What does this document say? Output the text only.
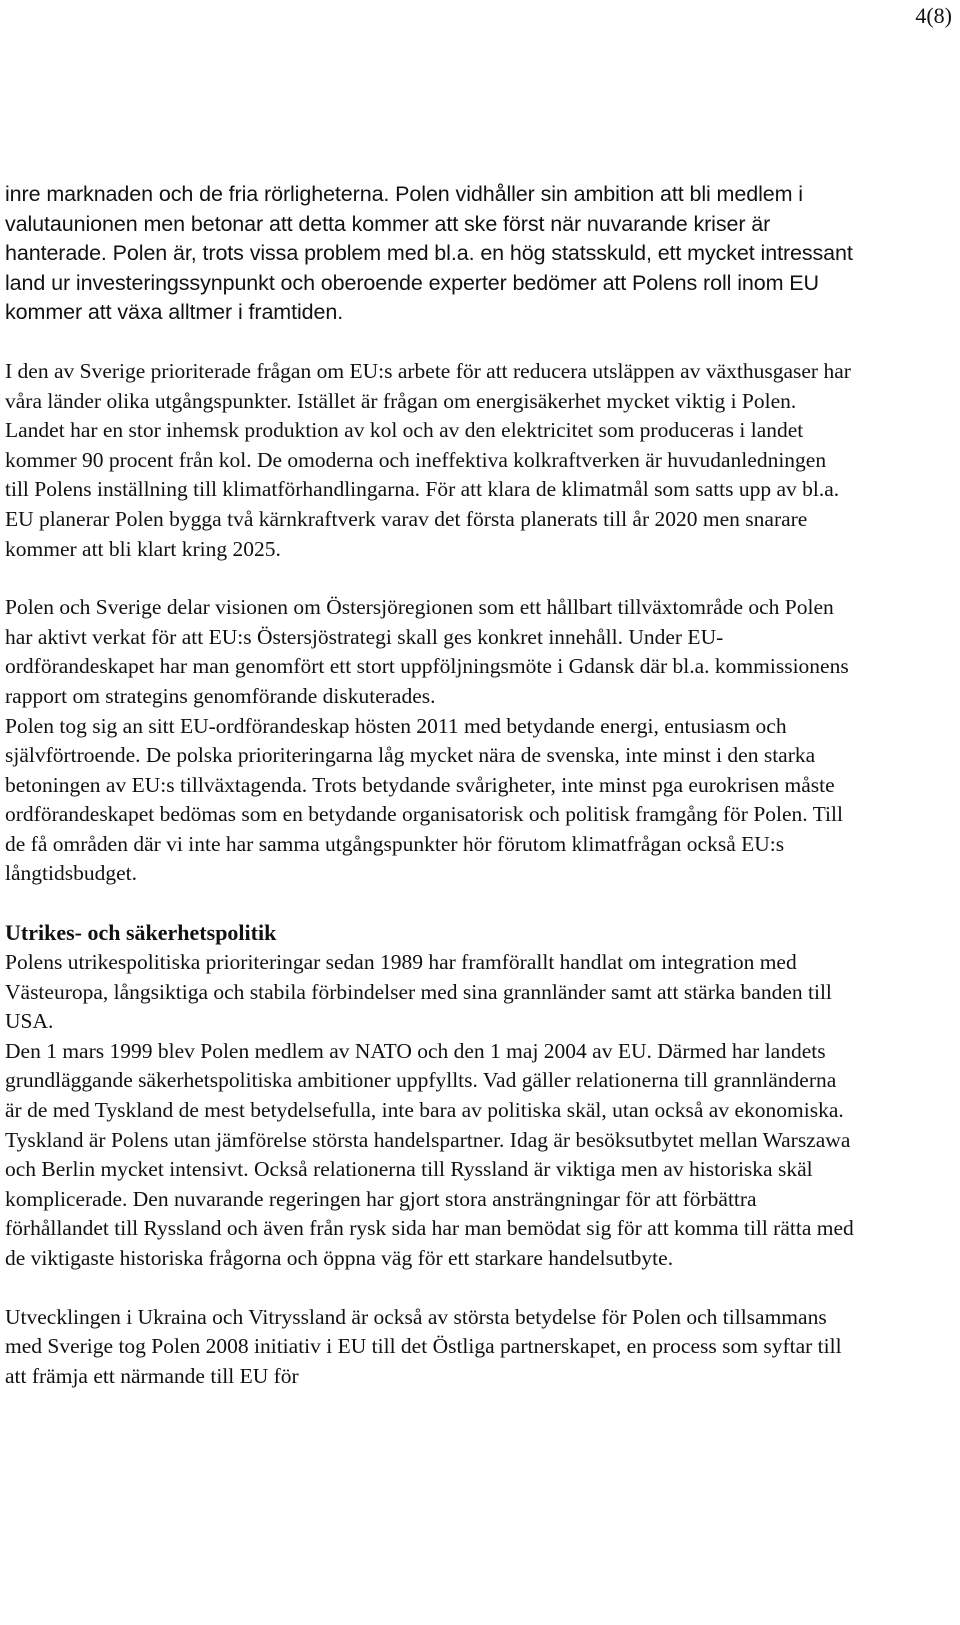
4(8)

inre marknaden och de fria rörligheterna. Polen vidhåller sin ambition att bli medlem i valutaunionen men betonar att detta kommer att ske först när nuvarande kriser är hanterade. Polen är, trots vissa problem med bl.a. en hög statsskuld, ett mycket intressant land ur investeringssynpunkt och oberoende experter bedömer att Polens roll inom EU kommer att växa alltmer i framtiden.

I den av Sverige prioriterade frågan om EU:s arbete för att reducera utsläppen av växthusgaser har våra länder olika utgångspunkter. Istället är frågan om energisäkerhet mycket viktig i Polen. Landet har en stor inhemsk produktion av kol och av den elektricitet som produceras i landet kommer 90 procent från kol. De omoderna och ineffektiva kolkraftverken är huvudanledningen till Polens inställning till klimatförhandlingarna. För att klara de klimatmål som satts upp av bl.a. EU planerar Polen bygga två kärnkraftverk varav det första planerats till år 2020 men snarare kommer att bli klart kring 2025.

Polen och Sverige delar visionen om Östersjöregionen som ett hållbart tillväxtområde och Polen har aktivt verkat för att EU:s Östersjöstrategi skall ges konkret innehåll. Under EU-ordförandeskapet har man genomfört ett stort uppföljningsmöte i Gdansk där bl.a. kommissionens rapport om strategins genomförande diskuterades.

Polen tog sig an sitt EU-ordförandeskap hösten 2011 med betydande energi, entusiasm och självförtroende. De polska prioriteringarna låg mycket nära de svenska, inte minst i den starka betoningen av EU:s tillväxtagenda. Trots betydande svårigheter, inte minst pga eurokrisen måste ordförandeskapet bedömas som en betydande organisatorisk och politisk framgång för Polen. Till de få områden där vi inte har samma utgångspunkter hör förutom klimatfrågan också EU:s långtidsbudget.

Utrikes- och säkerhetspolitik

Polens utrikespolitiska prioriteringar sedan 1989 har framförallt handlat om integration med Västeuropa, långsiktiga och stabila förbindelser med sina grannländer samt att stärka banden till USA.

Den 1 mars 1999 blev Polen medlem av NATO och den 1 maj 2004 av EU. Därmed har landets grundläggande säkerhetspolitiska ambitioner uppfyllts. Vad gäller relationerna till grannländerna är de med Tyskland de mest betydelsefulla, inte bara av politiska skäl, utan också av ekonomiska. Tyskland är Polens utan jämförelse största handelspartner. Idag är besöksutbytet mellan Warszawa och Berlin mycket intensivt. Också relationerna till Ryssland är viktiga men av historiska skäl komplicerade. Den nuvarande regeringen har gjort stora ansträngningar för att förbättra förhållandet till Ryssland och även från rysk sida har man bemödat sig för att komma till rätta med de viktigaste historiska frågorna och öppna väg för ett starkare handelsutbyte.

Utvecklingen i Ukraina och Vitryssland är också av största betydelse för Polen och tillsammans med Sverige tog Polen 2008 initiativ i EU till det Östliga partnerskapet, en process som syftar till att främja ett närmande till EU för
